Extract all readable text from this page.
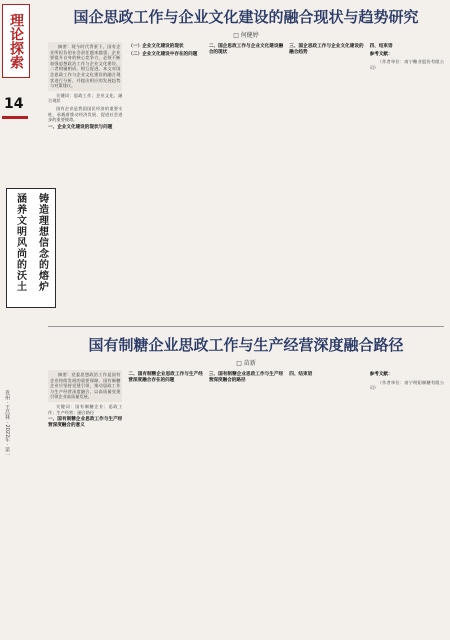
理论探索
14
铸造理想信念的熔炉
涵养文明风尚的沃土
贵州 · 王昌林 · 2022年 · 第一
国企思政工作与企业文化建设的融合现状与趋势研究
□ 何健婷

摘要：现今时代背景下，国有企业所担负的社会责任越来越重，企业要提升自身的核心竞争力，必须不断加强思想政治工作与企业文化建设，二者相辅相成、相互促进。本文对国企思政工作与企业文化建设的融合现状进行分析，并提出相应的发展趋势与对策建议。

关键词：思政工作；企业文化；融合现状

国有企业是我国国民经济的重要支柱，承载着推动经济发展、促进社会进步的重要使命。

一、企业文化建设的现状与问题
（一）企业文化建设的现状
（二）企业文化建设中存在的问题
二、国企思政工作与企业文化建设融合的现状
三、国企思政工作与企业文化建设的融合趋势
四、结束语
参考文献：

（作者单位：南宁糖业股份有限公司）

国有制糖企业思政工作与生产经营深度融合路径
□ 苗新

摘要：党委思想政治工作是国有企业持续发展的重要保障，国有制糖企业应坚持党建引领，推动思政工作与生产经营深度融合，以高质量党建引领企业高质量发展。

关键词：国有制糖企业；思政工作；生产经营；融合路径

一、国有制糖企业思政工作与生产经营深度融合的意义
二、国有制糖企业思政工作与生产经营深度融合存在的问题
三、国有制糖企业思政工作与生产经营深度融合的路径
四、结束语	参考文献：

（作者单位：南宁明阳制糖有限公司）
